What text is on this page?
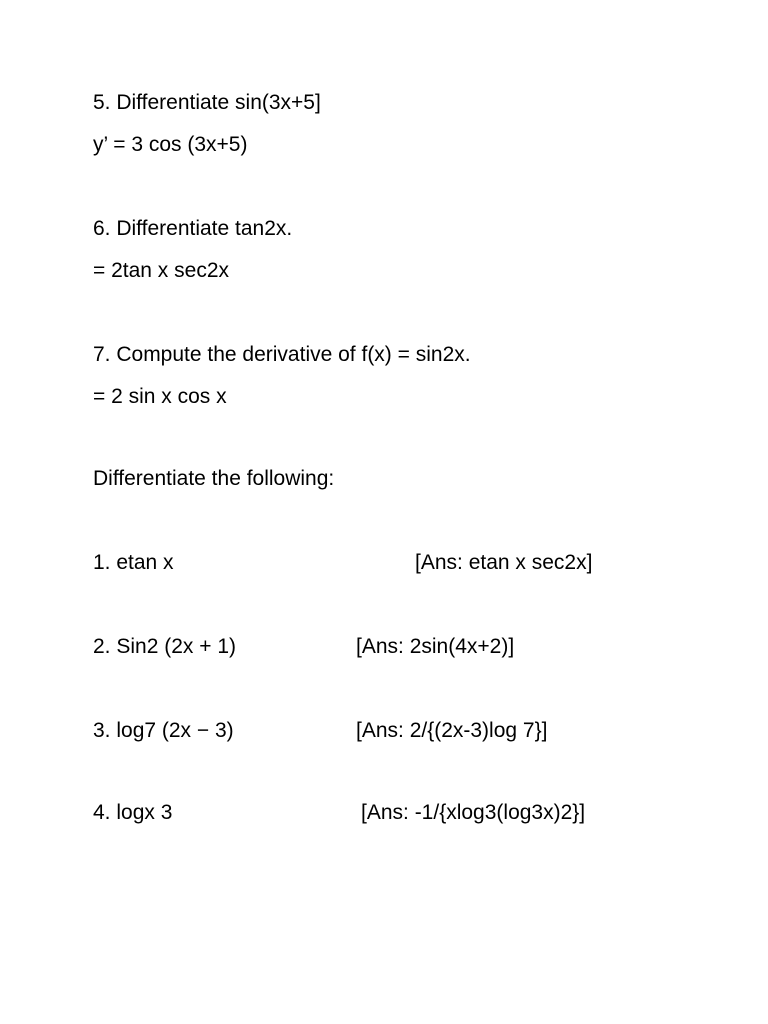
5. Differentiate sin(3x+5]
y’ = 3 cos (3x+5)
6. Differentiate tan2x.
= 2tan x sec2x
7. Compute the derivative of f(x) = sin2x.
= 2 sin x cos x
Differentiate the following:
1. etan x	[Ans: etan x sec2x]
2. Sin2 (2x + 1)	[Ans: 2sin(4x+2)]
3. log7 (2x − 3)	[Ans: 2/{(2x-3)log 7}]
4. logx 3	[Ans: -1/{xlog3(log3x)2}]
